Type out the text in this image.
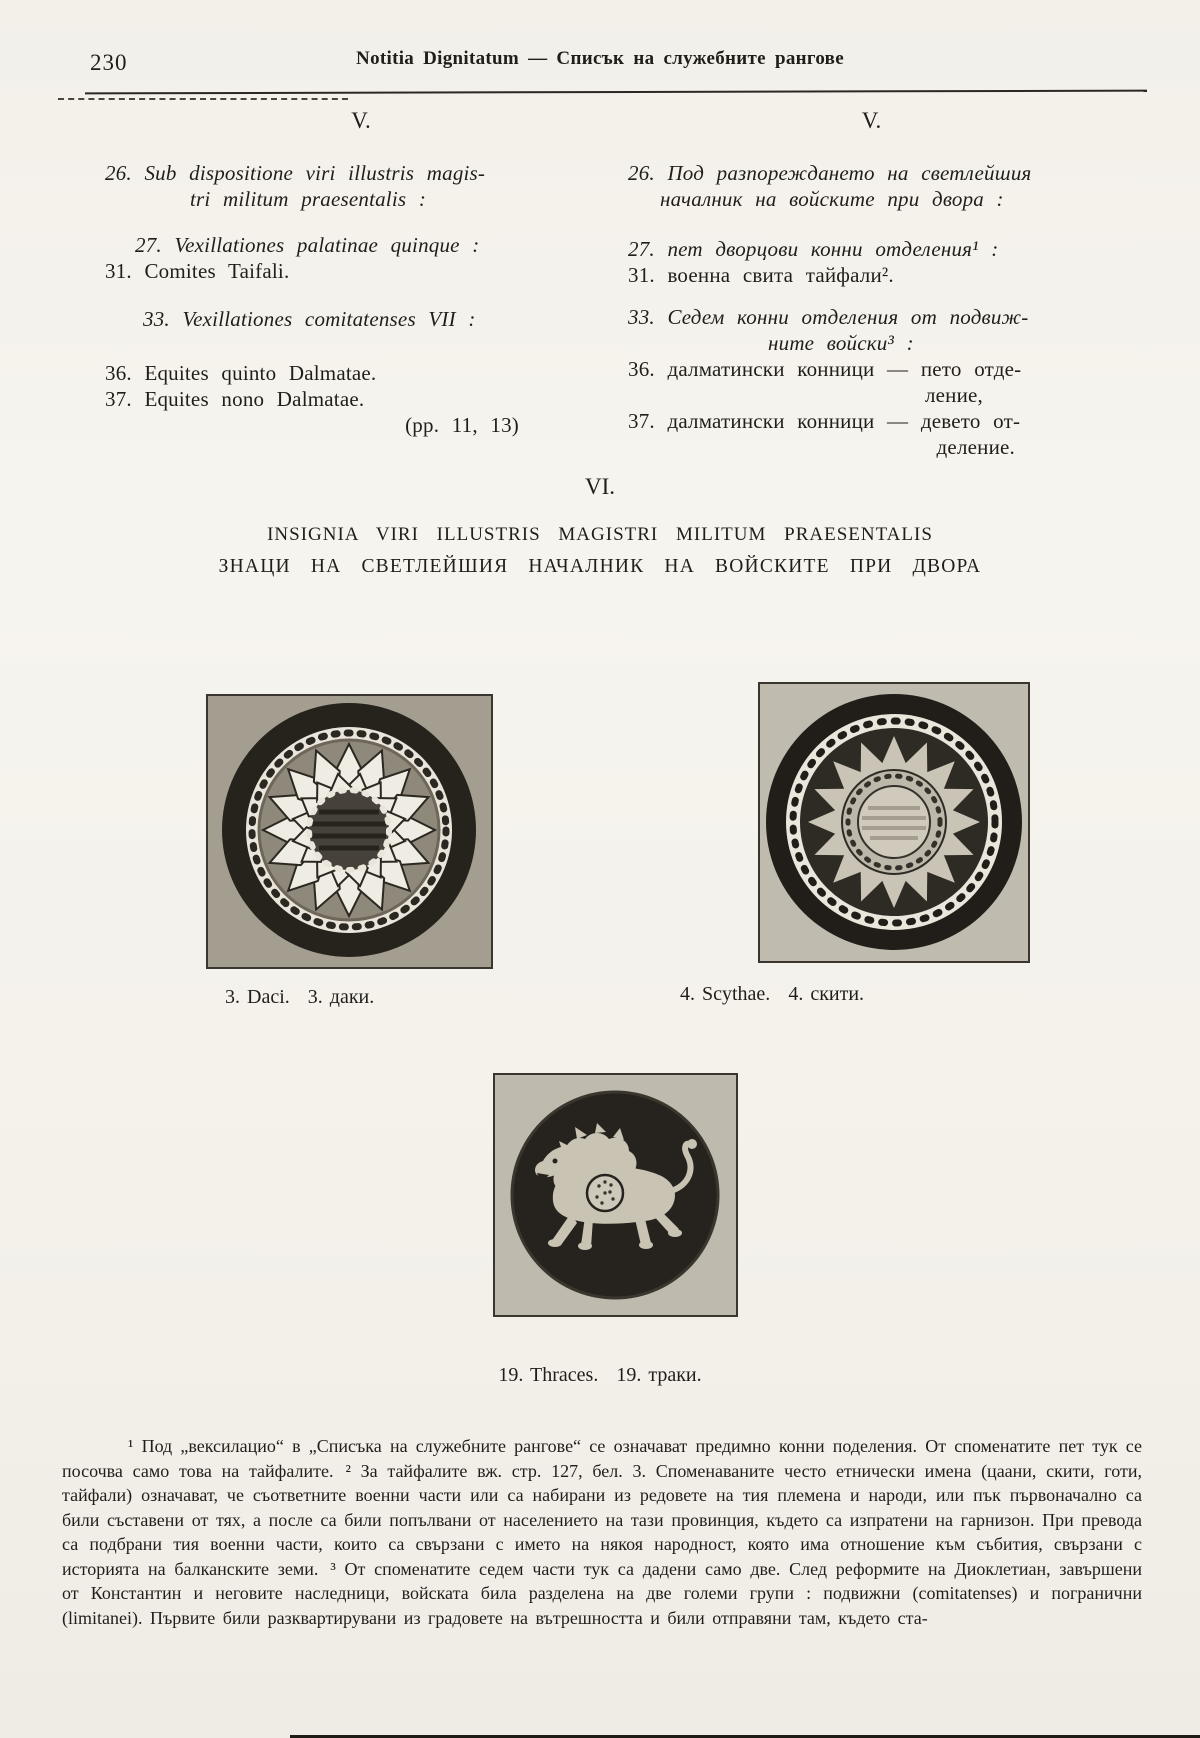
230	Notitia Dignitatum — Списък на служебните рангове
V.
26. Sub dispositione viri illustris magis-
tri militum praesentalis :
27. Vexillationes palatinae quinque :
31. Comites Taifali.
33. Vexillationes comitatenses VII :
36. Equites quinto Dalmatae.
37. Equites nono Dalmatae.
(pp. 11, 13)
V.
26. Под разпореждането на светлейшия
началник на войските при двора :
27. пет дворцови конни отделения¹ :
31. военна свита тайфали².
33. Седем конни отделения от подвиж-
ните войски³ :
36. далматински конници — пето отде-
ление,
37. далматински конници — девето от-
деление.
VI.
INSIGNIA VIRI ILLUSTRIS MAGISTRI MILITUM PRAESENTALIS
ЗНАЦИ НА СВЕТЛЕЙШИЯ НАЧАЛНИК НА ВОЙСКИТЕ ПРИ ДВОРА
3. Daci. 3. даки.	4. Scythae. 4. скити.
19. Thraces. 19. траки.

¹ Под „вексилацио“ в „Списъка на служебните рангове“ се означават предимно конни поделения. От споменатите пет тук се посочва само това на тайфалите. ² За тайфалите вж. стр. 127, бел. 3. Споменаваните често етнически имена (цаани, скити, готи, тайфали) означават, че съответните военни части или са набирани из редовете на тия племена и народи, или пък първоначално са били съставени от тях, а после са били попълвани от населението на тази провинция, където са изпратени на гарнизон. При превода са подбрани тия военни части, които са свързани с името на някоя народност, която има отношение към събития, свързани с историята на балканските земи. ³ От споменатите седем части тук са дадени само две. След реформите на Диоклетиан, завършени от Константин и неговите наследници, войската била разделена на две големи групи : подвижни (comitatenses) и погранични (limitanei). Първите били разквартирувани из градовете на вътрешността и били отправяни там, където ста-
